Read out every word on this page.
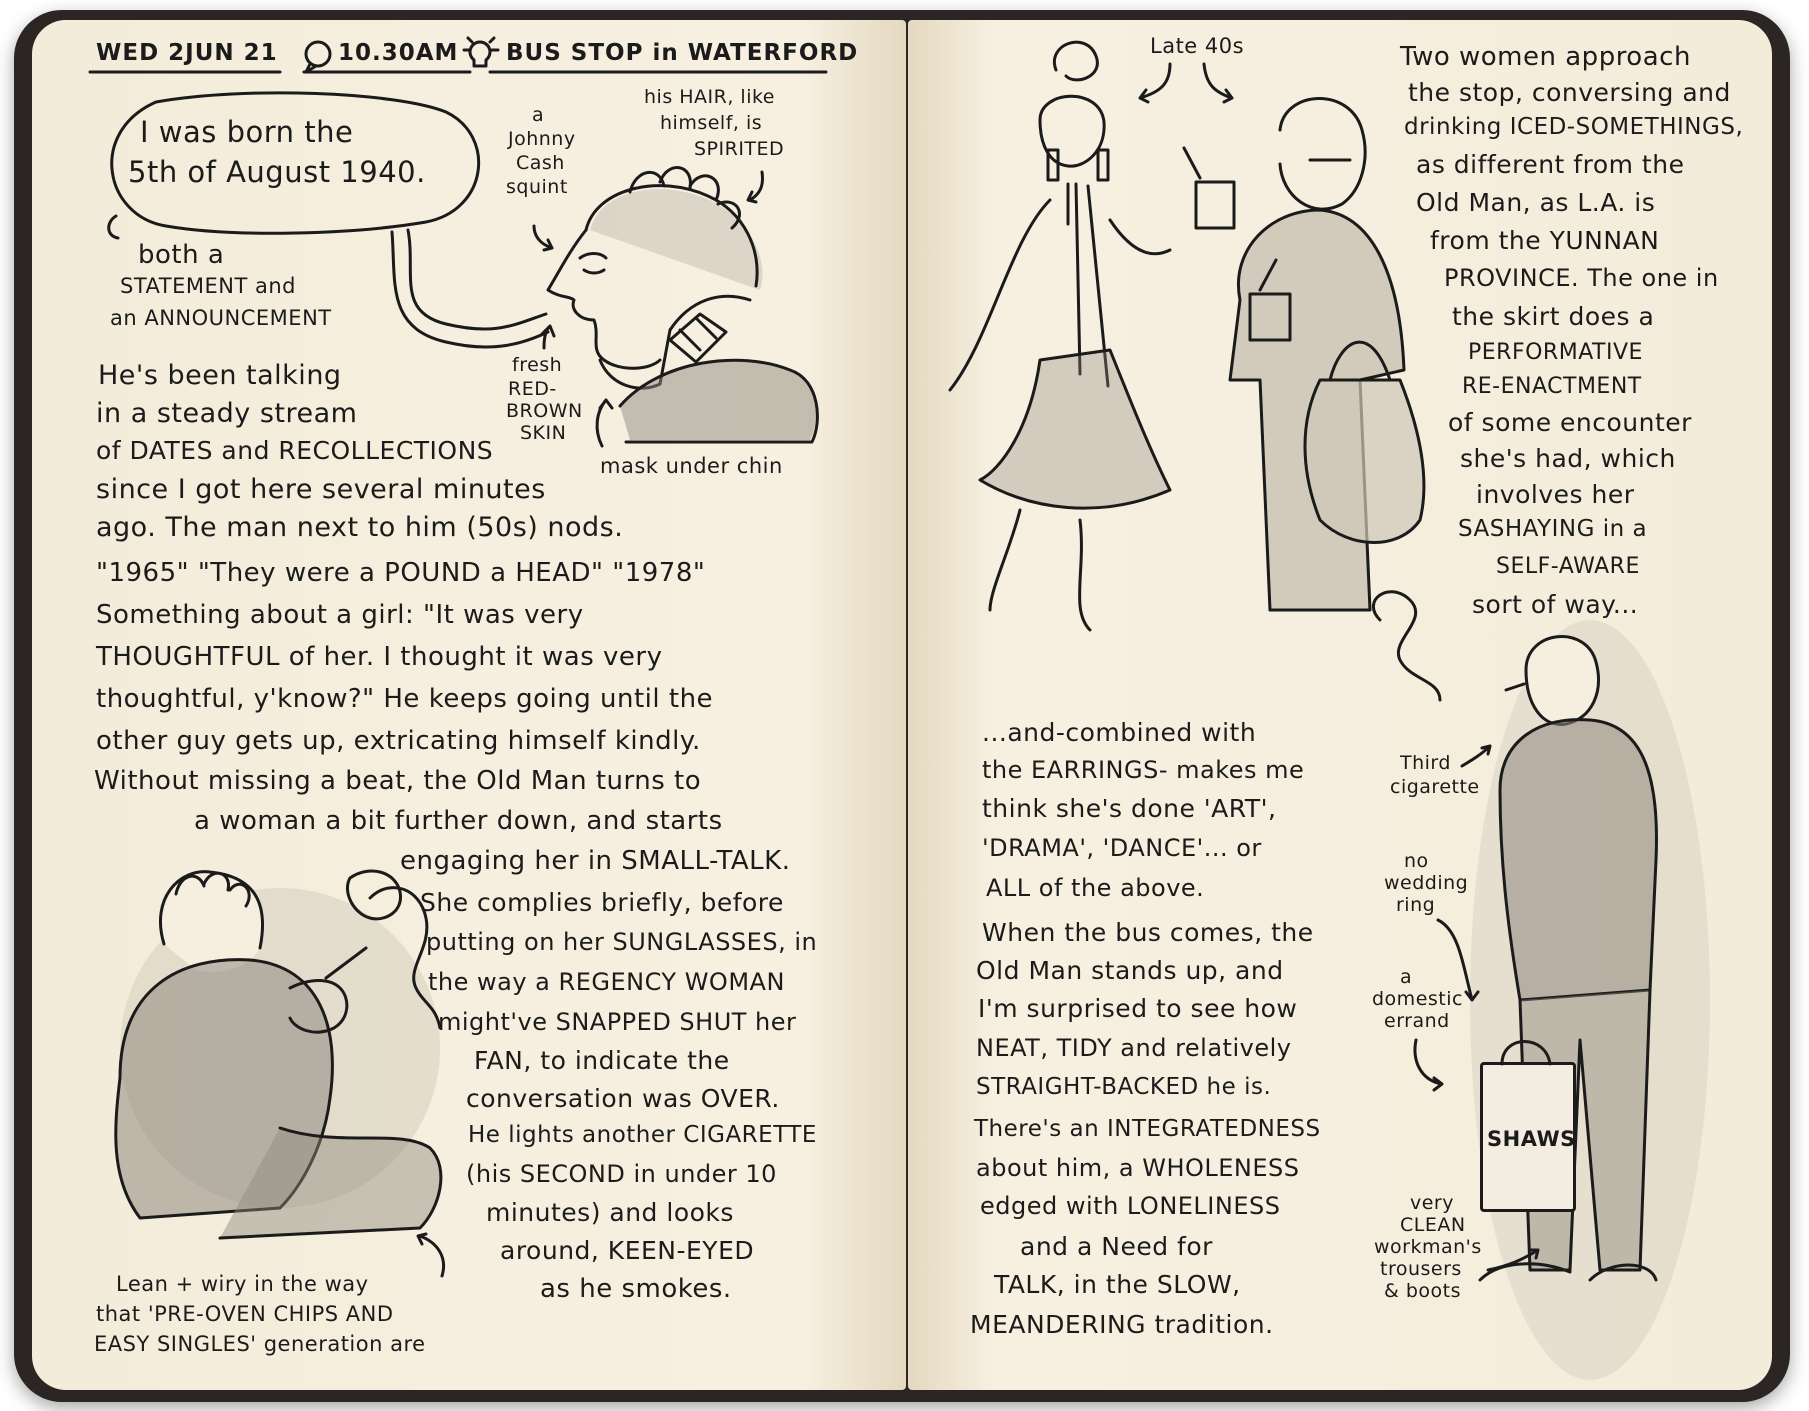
WED 2JUN 21	10.30AM BUS STOP in WATERFORD
I was born the
5th of August 1940.
both a
STATEMENT and
an ANNOUNCEMENT
a
Johnny
Cash
squint
his HAIR, like
himself, is
SPIRITED
fresh
RED-
BROWN
SKIN
mask under chin
He's been talking
in a steady stream
of DATES and RECOLLECTIONS
since I got here several minutes
ago. The man next to him (50s) nods.
"1965" "They were a POUND a HEAD" "1978"
Something about a girl: "It was very
THOUGHTFUL of her. I thought it was very
thoughtful, y'know?" He keeps going until the
other guy gets up, extricating himself kindly.
Without missing a beat, the Old Man turns to
a woman a bit further down, and starts
engaging her in SMALL-TALK.
She complies briefly, before
putting on her SUNGLASSES, in
the way a REGENCY WOMAN
might've SNAPPED SHUT her
FAN, to indicate the
conversation was OVER.
He lights another CIGARETTE
(his SECOND in under 10
minutes) and looks
around, KEEN-EYED
as he smokes.
Lean + wiry in the way
that 'PRE-OVEN CHIPS AND
EASY SINGLES' generation are
Late 40s	Two women approach
the stop, conversing and
drinking ICED-SOMETHINGS,
as different from the
Old Man, as L.A. is
from the YUNNAN
PROVINCE. The one in
the skirt does a
PERFORMATIVE
RE-ENACTMENT
of some encounter
she's had, which
involves her
SASHAYING in a
SELF-AWARE
sort of way...
...and-combined with
the EARRINGS- makes me
think she's done 'ART',
'DRAMA', 'DANCE'... or
ALL of the above.
When the bus comes, the
Old Man stands up, and
I'm surprised to see how
NEAT, TIDY and relatively
STRAIGHT-BACKED he is.
There's an INTEGRATEDNESS
about him, a WHOLENESS
edged with LONELINESS
and a Need for
TALK, in the SLOW,
MEANDERING tradition.
SHAWS
Third
cigarette
no
wedding
ring
a
domestic
errand
very
CLEAN
workman's
trousers
& boots
